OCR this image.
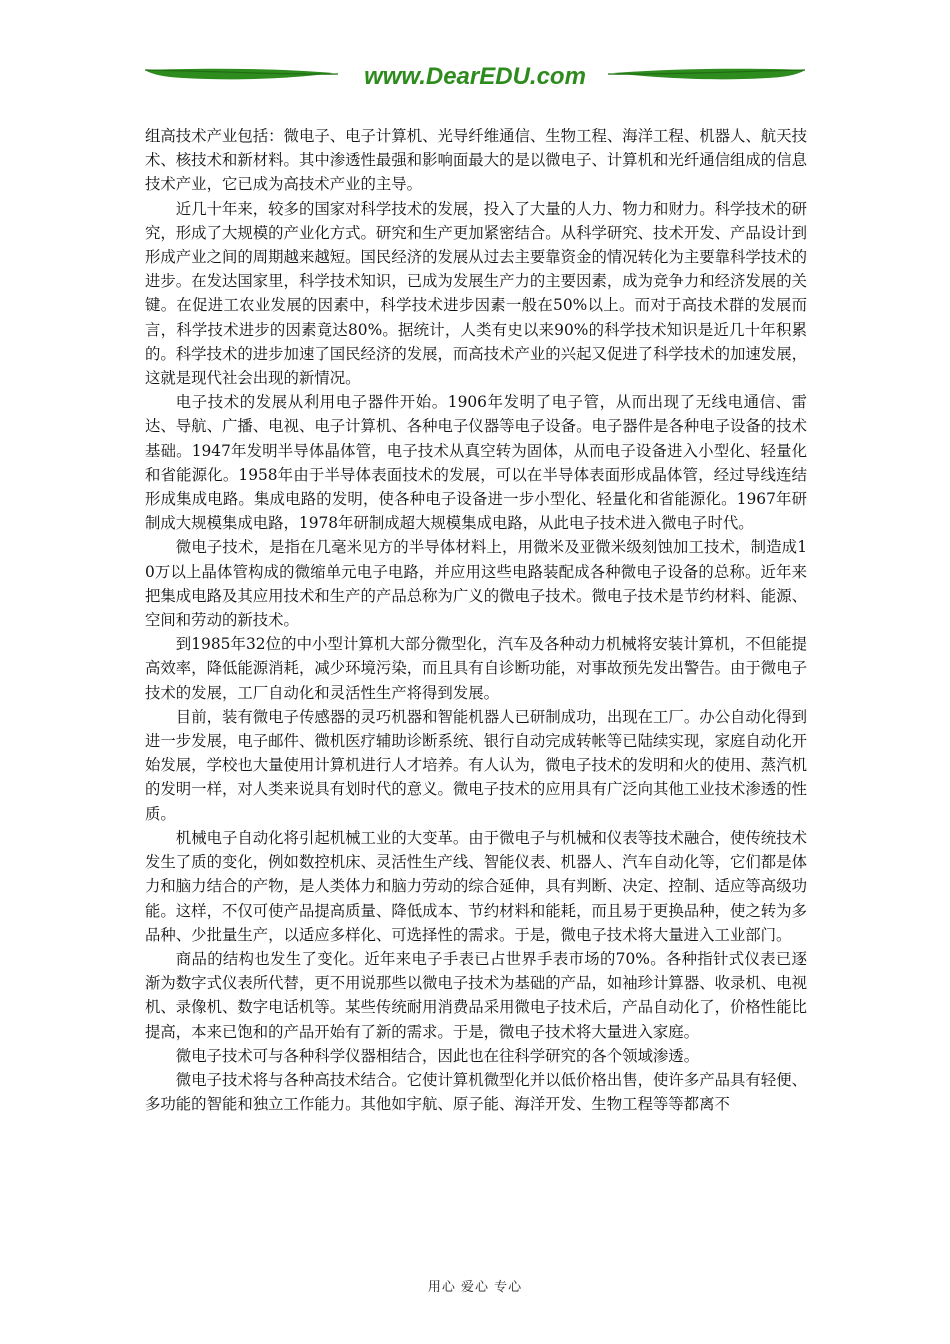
www.DearEDU.com

组高技术产业包括：微电子、电子计算机、光导纤维通信、生物工程、海洋工程、机器人、航天技术、核技术和新材料。其中渗透性最强和影响面最大的是以微电子、计算机和光纤通信组成的信息技术产业，它已成为高技术产业的主导。

近几十年来，较多的国家对科学技术的发展，投入了大量的人力、物力和财力。科学技术的研究，形成了大规模的产业化方式。研究和生产更加紧密结合。从科学研究、技术开发、产品设计到形成产业之间的周期越来越短。国民经济的发展从过去主要靠资金的情况转化为主要靠科学技术的进步。在发达国家里，科学技术知识，已成为发展生产力的主要因素，成为竞争力和经济发展的关键。在促进工农业发展的因素中，科学技术进步因素一般在50%以上。而对于高技术群的发展而言，科学技术进步的因素竟达80%。据统计，人类有史以来90%的科学技术知识是近几十年积累的。科学技术的进步加速了国民经济的发展，而高技术产业的兴起又促进了科学技术的加速发展，这就是现代社会出现的新情况。

电子技术的发展从利用电子器件开始。1906年发明了电子管，从而出现了无线电通信、雷达、导航、广播、电视、电子计算机、各种电子仪器等电子设备。电子器件是各种电子设备的技术基础。1947年发明半导体晶体管，电子技术从真空转为固体，从而电子设备进入小型化、轻量化和省能源化。1958年由于半导体表面技术的发展，可以在半导体表面形成晶体管，经过导线连结形成集成电路。集成电路的发明，使各种电子设备进一步小型化、轻量化和省能源化。1967年研制成大规模集成电路，1978年研制成超大规模集成电路，从此电子技术进入微电子时代。

微电子技术，是指在几毫米见方的半导体材料上，用微米及亚微米级刻蚀加工技术，制造成10万以上晶体管构成的微缩单元电子电路，并应用这些电路装配成各种微电子设备的总称。近年来把集成电路及其应用技术和生产的产品总称为广义的微电子技术。微电子技术是节约材料、能源、空间和劳动的新技术。

到1985年32位的中小型计算机大部分微型化，汽车及各种动力机械将安装计算机，不但能提高效率，降低能源消耗，减少环境污染，而且具有自诊断功能，对事故预先发出警告。由于微电子技术的发展，工厂自动化和灵活性生产将得到发展。

目前，装有微电子传感器的灵巧机器和智能机器人已研制成功，出现在工厂。办公自动化得到进一步发展，电子邮件、微机医疗辅助诊断系统、银行自动完成转帐等已陆续实现，家庭自动化开始发展，学校也大量使用计算机进行人才培养。有人认为，微电子技术的发明和火的使用、蒸汽机的发明一样，对人类来说具有划时代的意义。微电子技术的应用具有广泛向其他工业技术渗透的性质。

机械电子自动化将引起机械工业的大变革。由于微电子与机械和仪表等技术融合，使传统技术发生了质的变化，例如数控机床、灵活性生产线、智能仪表、机器人、汽车自动化等，它们都是体力和脑力结合的产物，是人类体力和脑力劳动的综合延伸，具有判断、决定、控制、适应等高级功能。这样，不仅可使产品提高质量、降低成本、节约材料和能耗，而且易于更换品种，使之转为多品种、少批量生产，以适应多样化、可选择性的需求。于是，微电子技术将大量进入工业部门。

商品的结构也发生了变化。近年来电子手表已占世界手表市场的70%。各种指针式仪表已逐渐为数字式仪表所代替，更不用说那些以微电子技术为基础的产品，如袖珍计算器、收录机、电视机、录像机、数字电话机等。某些传统耐用消费品采用微电子技术后，产品自动化了，价格性能比提高，本来已饱和的产品开始有了新的需求。于是，微电子技术将大量进入家庭。

微电子技术可与各种科学仪器相结合，因此也在往科学研究的各个领域渗透。

微电子技术将与各种高技术结合。它使计算机微型化并以低价格出售，使许多产品具有轻便、多功能的智能和独立工作能力。其他如宇航、原子能、海洋开发、生物工程等等都离不

用心 爱心 专心
